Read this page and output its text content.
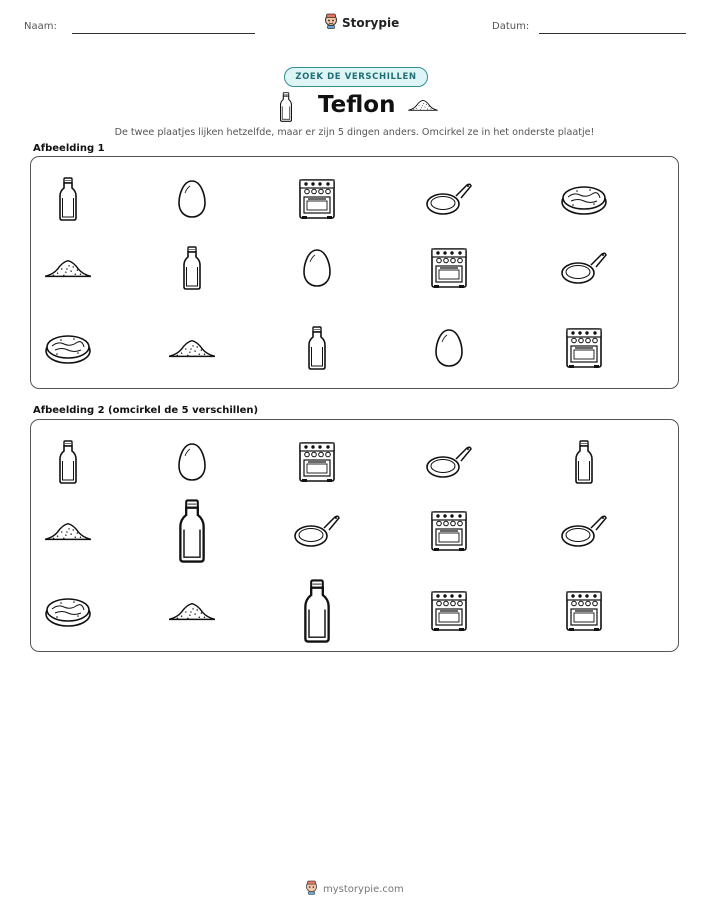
Naam:	Storypie	Datum:
ZOEK DE VERSCHILLEN
Teflon
De twee plaatjes lijken hetzelfde, maar er zijn 5 dingen anders. Omcirkel ze in het onderste plaatje!
Afbeelding 1
Afbeelding 2 (omcirkel de 5 verschillen)
mystorypie.com
